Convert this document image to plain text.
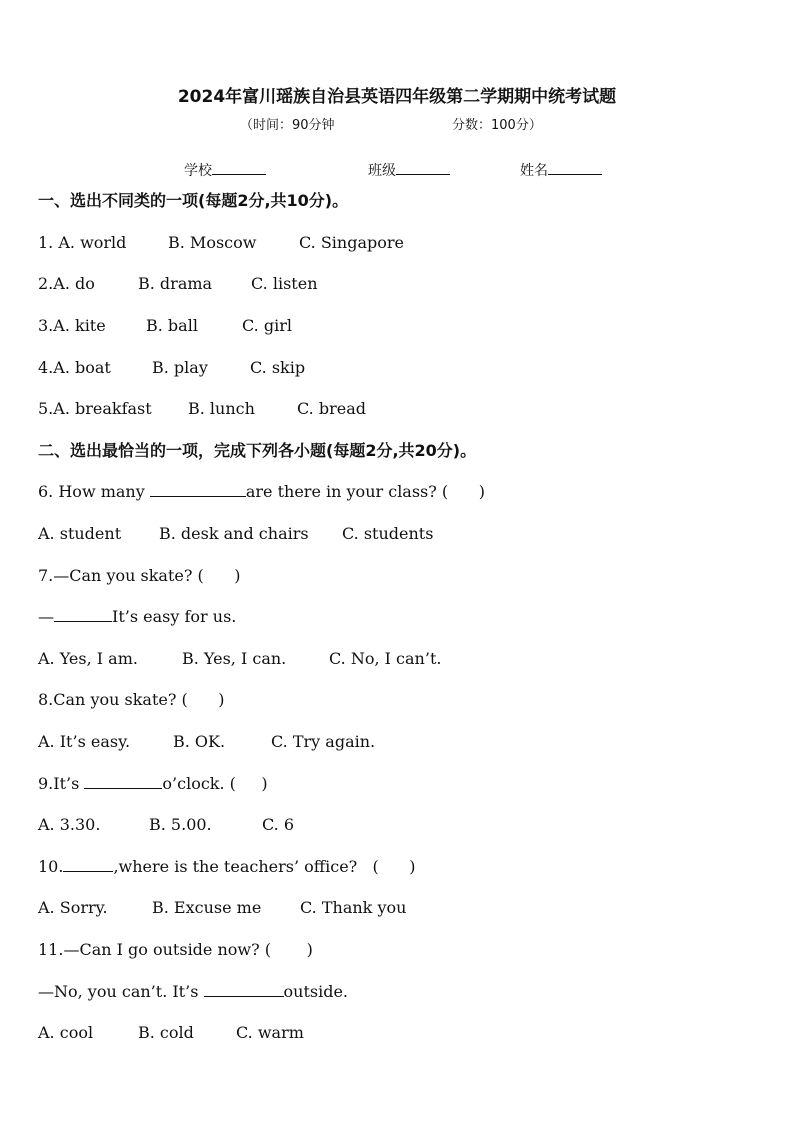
2024年富川瑶族自治县英语四年级第二学期期中统考试题
（时间：90分钟	分数：100分）
学校	班级	姓名
一、选出不同类的一项(每题2分,共10分)。
1. A. world	B. Moscow	C. Singapore
2.A. do	B. drama C. listen
3.A. kite	B. ball	C. girl
4.A. boat	B. play	C. skip
5.A. breakfast B. lunch	C. bread
二、选出最恰当的一项，完成下列各小题(每题2分,共20分)。
6. How many	are there in your class? (      )
A. student B. desk and chairs C. students
7.—Can you skate? (      )
—	It’s easy for us.
A. Yes, I am.	B. Yes, I can.	C. No, I can’t.
8.Can you skate? (      )
A. It’s easy.	B. OK.	C. Try again.
9.It’s	o’clock. (     )
A. 3.30.	B. 5.00.	C. 6
10.	,where is the teachers’ office?   (      )
A. Sorry.	B. Excuse me C. Thank you
11.—Can I go outside now? (       )
—No, you can’t. It’s	outside.
A. cool	B. cold	C. warm
